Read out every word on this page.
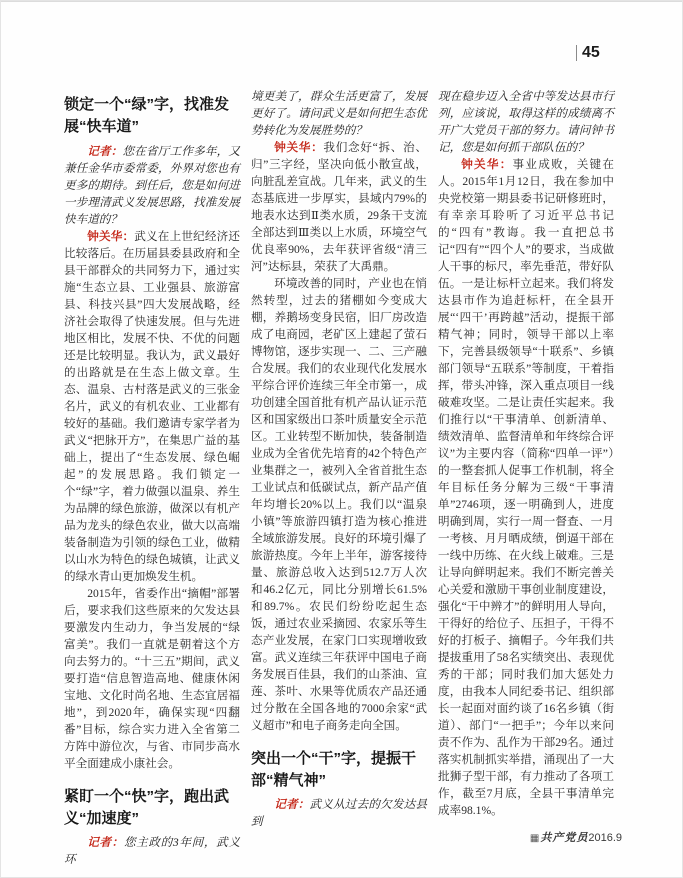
45
锁定一个“绿”字，找准发展“快车道”

记者：您在省厅工作多年，又兼任金华市委常委，外界对您也有更多的期待。到任后，您是如何进一步理清武义发展思路，找准发展快车道的？

钟关华：武义在上世纪经济还比较落后。在历届县委县政府和全县干部群众的共同努力下，通过实施“生态立县、工业强县、旅游富县、科技兴县”四大发展战略，经济社会取得了快速发展。但与先进地区相比，发展不快、不优的问题还是比较明显。我认为，武义最好的出路就是在生态上做文章。生态、温泉、古村落是武义的三张金名片，武义的有机农业、工业都有较好的基础。我们邀请专家学者为武义“把脉开方”，在集思广益的基础上，提出了“生态发展、绿色崛起”的发展思路。我们锁定一个“绿”字，着力做强以温泉、养生为品牌的绿色旅游，做深以有机产品为龙头的绿色农业，做大以高端装备制造为引领的绿色工业，做精以山水为特色的绿色城镇，让武义的绿水青山更加焕发生机。

2015年，省委作出“摘帽”部署后，要求我们这些原来的欠发达县要激发内生动力，争当发展的“绿富美”。我们一直就是朝着这个方向去努力的。“十三五”期间，武义要打造“信息智造高地、健康休闲宝地、文化时尚名地、生态宜居福地”，到2020年，确保实现“四翻番”目标，综合实力进入全省第二方阵中游位次，与省、市同步高水平全面建成小康社会。

紧盯一个“快”字，跑出武义“加速度”

记者：您主政的3年间，武义环

境更美了，群众生活更富了，发展更好了。请问武义是如何把生态优势转化为发展胜势的？

钟关华：我们念好“拆、治、归”三字经，坚决向低小散宣战，向脏乱差宣战。几年来，武义的生态基底进一步厚实，县域内79%的地表水达到Ⅱ类水质，29条干支流全部达到Ⅲ类以上水质，环境空气优良率90%，去年获评省级“清三河”达标县，荣获了大禹鼎。

环境改善的同时，产业也在悄然转型，过去的猪棚如今变成大棚，养鹅场变身民宿，旧厂房改造成了电商园，老矿区上建起了萤石博物馆，逐步实现一、二、三产融合发展。我们的农业现代化发展水平综合评价连续三年全市第一，成功创建全国首批有机产品认证示范区和国家级出口茶叶质量安全示范区。工业转型不断加快，装备制造业成为全省优先培育的42个特色产业集群之一，被列入全省首批生态工业试点和低碳试点，新产品产值年均增长20%以上。我们以“温泉小镇”等旅游四镇打造为核心推进全域旅游发展。良好的环境引爆了旅游热度。今年上半年，游客接待量、旅游总收入达到512.7万人次和46.2亿元，同比分别增长61.5%和89.7%。农民们纷纷吃起生态饭，通过农业采摘园、农家乐等生态产业发展，在家门口实现增收致富。武义连续三年获评中国电子商务发展百佳县，我们的山茶油、宣莲、茶叶、水果等优质农产品还通过分散在全国各地的7000余家“武义超市”和电子商务走向全国。

突出一个“干”字，提振干部“精气神”

记者：武义从过去的欠发达县到

现在稳步迈入全省中等发达县市行列，应该说，取得这样的成绩离不开广大党员干部的努力。请问钟书记，您是如何抓干部队伍的？

钟关华：事业成败，关键在人。2015年1月12日，我在参加中央党校第一期县委书记研修班时，有幸亲耳聆听了习近平总书记的“四有”教诲。我一直把总书记“四有”“四个人”的要求，当成做人干事的标尺，率先垂范，带好队伍。一是让标杆立起来。我们将发达县市作为追赶标杆，在全县开展“‘四干’再跨越”活动，提振干部精气神；同时，领导干部以上率下，完善县级领导“十联系”、乡镇部门领导“五联系”等制度，干着指挥，带头冲锋，深入重点项目一线破难攻坚。二是让责任实起来。我们推行以“干事清单、创新清单、绩效清单、监督清单和年终综合评议”为主要内容（简称“四单一评”）的一整套抓人促事工作机制，将全年目标任务分解为三级“干事清单”2746项，逐一明确到人，进度明确到周，实行一周一督查、一月一考核、月月晒成绩，倒逼干部在一线中历练、在火线上破难。三是让导向鲜明起来。我们不断完善关心关爱和激励干事创业制度建设，强化“干中辨才”的鲜明用人导向，干得好的给位子、压担子，干得不好的打板子、摘帽子。今年我们共提拔重用了58名实绩突出、表现优秀的干部；同时我们加大惩处力度，由我本人同纪委书记、组织部长一起面对面约谈了16名乡镇（街道）、部门“一把手”；今年以来问责不作为、乱作为干部29名。通过落实机制抓实举措，涌现出了一大批狮子型干部，有力推动了各项工作，截至7月底，全县干事清单完成率98.1%。

▦共产党员2016.9
